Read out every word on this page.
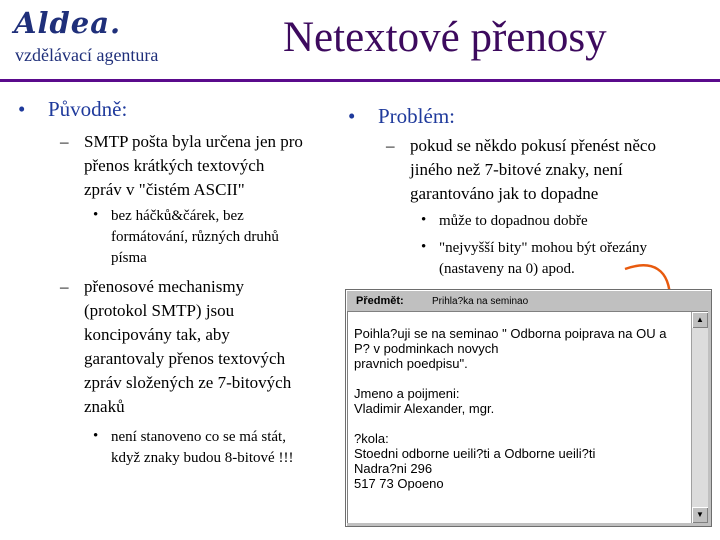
Aldea.
vzdělávací agentura	Netextové přenosy
• Původně:
– SMTP pošta byla určena jen pro
přenos krátkých textových
zpráv v "čistém ASCII"
• bez háčků&čárek, bez
formátování, různých druhů
písma
– přenosové mechanismy
(protokol SMTP) jsou
koncipovány tak, aby
garantovaly přenos textových
zpráv složených ze 7-bitových
znaků
• není stanoveno co se má stát,
když znaky budou 8-bitové !!!
• Problém:
– pokud se někdo pokusí přenést něco
jiného než 7-bitové znaky, není
garantováno jak to dopadne
• může to dopadnou dobře
• "nejvyšší bity" mohou být ořezány
(nastaveny na 0) apod.
Předmět:	Prihla?ka na seminao
Poihla?uji se na seminao " Odborna poiprava na OU a
P? v podminkach novych
pravnich poedpisu".

Jmeno a poijmeni:
Vladimir Alexander, mgr.

?kola:
Stoedni odborne ueili?ti a Odborne ueili?ti
Nadra?ni 296
517 73 Opoeno
▲
▼
